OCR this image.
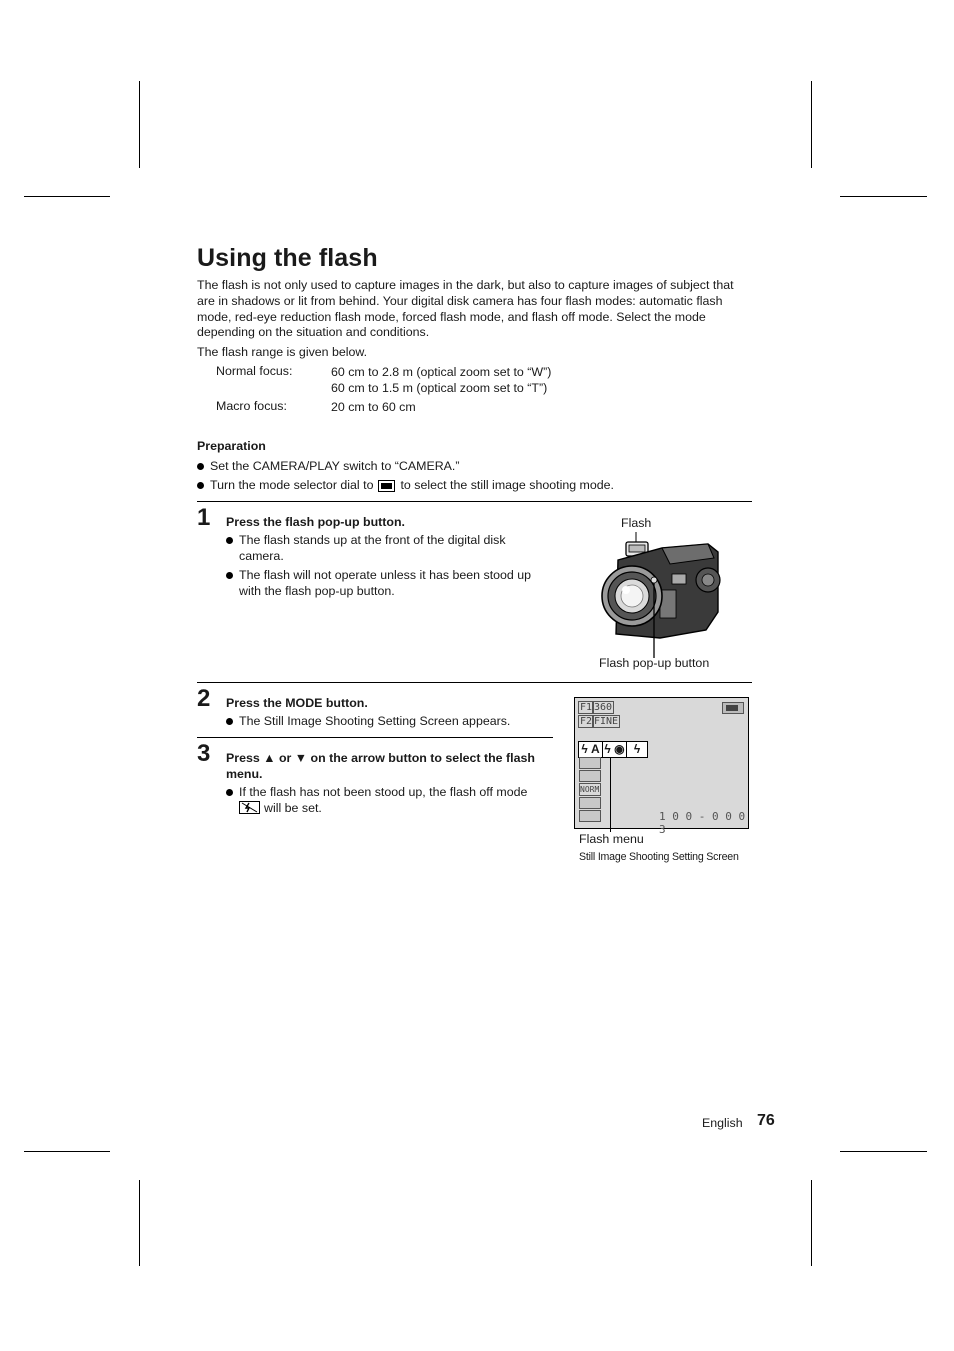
Using the flash

The flash is not only used to capture images in the dark, but also to capture images of subject that are in shadows or lit from behind. Your digital disk camera has four flash modes: automatic flash mode, red-eye reduction flash mode, forced flash mode, and flash off mode. Select the mode depending on the situation and conditions.

The flash range is given below.

Normal focus:	60 cm to 2.8 m (optical zoom set to “W”)
60 cm to 1.5 m (optical zoom set to “T”)
Macro focus:	20 cm to 60 cm
Preparation
Set the CAMERA/PLAY switch to “CAMERA.”
Turn the mode selector dial to to select the still image shooting mode.
1 Press the flash pop-up button.
The flash stands up at the front of the digital disk camera.
The flash will not operate unless it has been stood up with the flash pop-up button.
Flash
Flash pop-up button
2 Press the MODE button.
The Still Image Shooting Setting Screen appears.
3 Press ▲ or ▼ on the arrow button to select the flash
menu.
If the flash has not been stood up, the flash off mode

will be set.
F1 360
F2 FINE
ϟ A ϟ ◉ ϟ
NORM
1 0 0 - 0 0 0 3
Flash menu
Still Image Shooting Setting Screen
English 76
